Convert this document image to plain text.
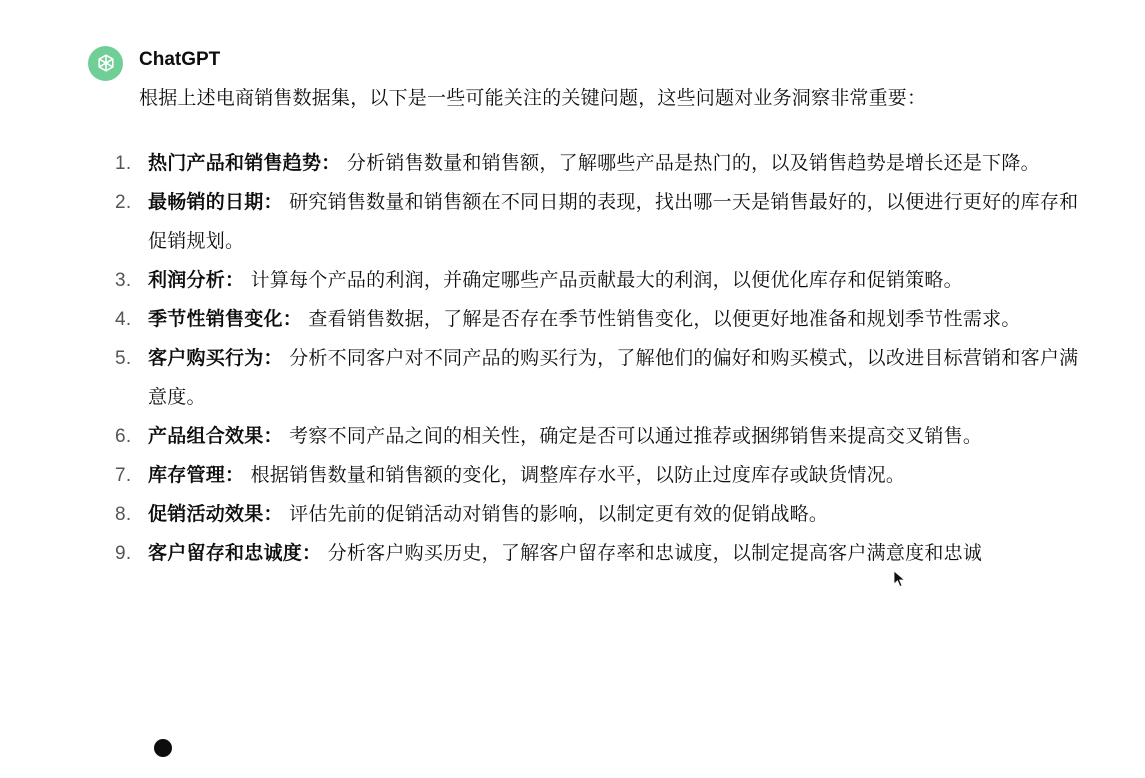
ChatGPT
根据上述电商销售数据集，以下是一些可能关注的关键问题，这些问题对业务洞察非常重要：
1. 热门产品和销售趋势： 分析销售数量和销售额，了解哪些产品是热门的，以及销售趋势是增长还是下降。
2. 最畅销的日期： 研究销售数量和销售额在不同日期的表现，找出哪一天是销售最好的，以便进行更好的库存和促销规划。
3. 利润分析： 计算每个产品的利润，并确定哪些产品贡献最大的利润，以便优化库存和促销策略。
4. 季节性销售变化： 查看销售数据，了解是否存在季节性销售变化，以便更好地准备和规划季节性需求。
5. 客户购买行为： 分析不同客户对不同产品的购买行为，了解他们的偏好和购买模式，以改进目标营销和客户满意度。
6. 产品组合效果： 考察不同产品之间的相关性，确定是否可以通过推荐或捆绑销售来提高交叉销售。
7. 库存管理： 根据销售数量和销售额的变化，调整库存水平，以防止过度库存或缺货情况。
8. 促销活动效果： 评估先前的促销活动对销售的影响，以制定更有效的促销战略。
9. 客户留存和忠诚度： 分析客户购买历史，了解客户留存率和忠诚度，以制定提高客户满意度和忠诚
